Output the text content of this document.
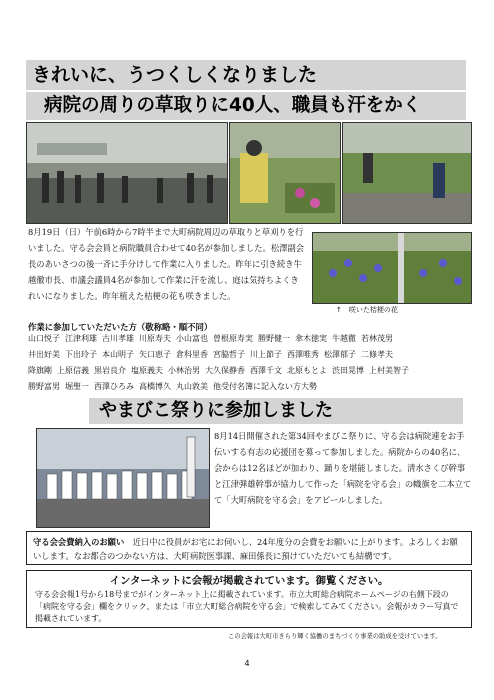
きれいに、うつくしくなりました
病院の周りの草取りに40人、職員も汗をかく
8月19日（日）午前6時から7時半まで大町病院周辺の草取りと草刈りを行いました。守る会会員と病院職員合わせて40名が参加しました。松澤副会長のあいさつの後一斉に手分けして作業に入りました。昨年に引き続き牛越徹市長、市議会議員4名が参加して作業に汗を流し、庭は気持ちよくきれいになりました。昨年植えた桔梗の花も咲きました。
↑　咲いた桔梗の花
作業に参加していただいた方（敬称略・順不同）
山口悦子 江津利雄 古川孝雄 川原寿夫 小山富也 曽根原寿実 勝野健一 傘木徳実 牛越徹 若林茂男
井出好美 下出玲子 本山明子 矢口恵子 倉科里香 宮脇哲子 川上節子 西澤唯秀 松澤郁子 二條孝夫
降旗剛 上原信義 黒岩良介 塩原義夫 小林治男 大久保静香 西澤千文 北原もとよ 渋田晃博 上村美智子
勝野富男 堀聖一 西澤ひろみ 高橋博久 丸山敦美 他受付名簿に記入ない方大勢
やまびこ祭りに参加しました
8月14日開催された第34回やまびこ祭りに、守る会は病院連をお手伝いする有志の応援団を募って参加しました。病院からの40名に、会からは12名ほどが加わり、踊りを堪能しました。清水さくび幹事と江津弾雄幹事が協力して作った「病院を守る会」の幟旗を二本立てて「大町病院を守る会」をアピールしました。
守る会会費納入のお願い　 近日中に役員がお宅にお伺いし、24年度分の会費をお願いに上がります。よろしくお願いします。なお都合のつかない方は、大町病院医事課、麻田係長に預けていただいても結構です。
インターネットに会報が掲載されています。御覧ください。
守る会会報1号から18号までがインターネット上に掲載されています。市立大町総合病院ホームページの右側下段の「病院を守る会」欄をクリック、または「市立大町総合病院を守る会」で検索してみてください。会報がカラー写真で掲載されています。
この会報は大町市きらり輝く協働のまちづくり事業の助成を受けています。
4
